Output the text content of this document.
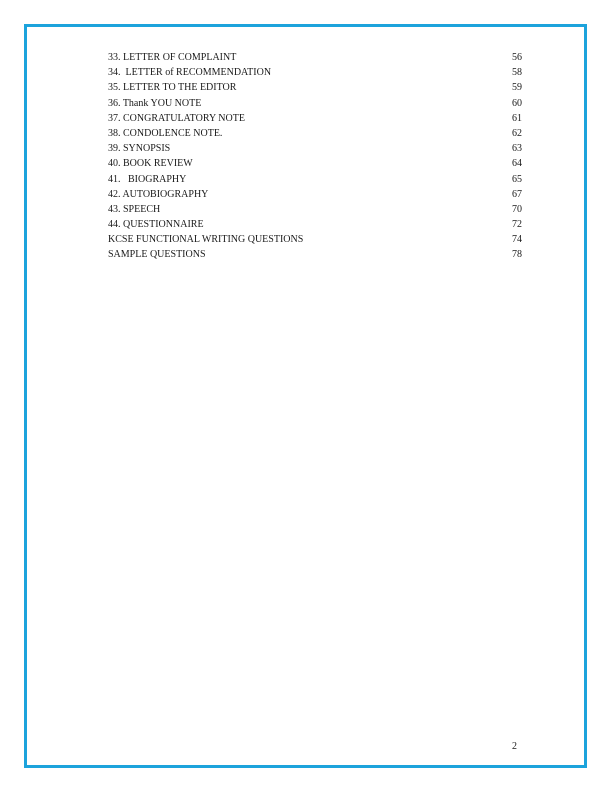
33. LETTER OF COMPLAINT	56
34.  LETTER of RECOMMENDATION	58
35. LETTER TO THE EDITOR	59
36. Thank YOU NOTE	60
37. CONGRATULATORY NOTE	61
38. CONDOLENCE NOTE.	62
39. SYNOPSIS	63
40. BOOK REVIEW	64
41.   BIOGRAPHY	65
42. AUTOBIOGRAPHY	67
43. SPEECH	70
44. QUESTIONNAIRE	72
KCSE FUNCTIONAL WRITING QUESTIONS	74
SAMPLE QUESTIONS	78
2
